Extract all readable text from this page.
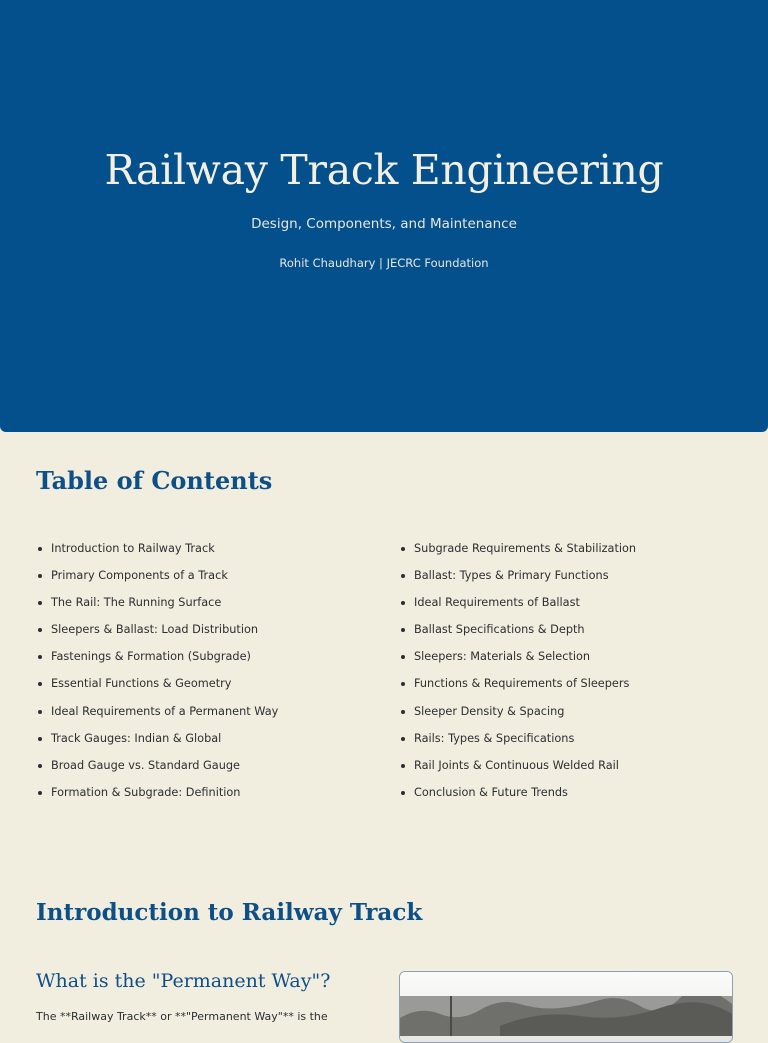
Railway Track Engineering
Design, Components, and Maintenance
Rohit Chaudhary | JECRC Foundation
Table of Contents
Introduction to Railway Track
Primary Components of a Track
The Rail: The Running Surface
Sleepers & Ballast: Load Distribution
Fastenings & Formation (Subgrade)
Essential Functions & Geometry
Ideal Requirements of a Permanent Way
Track Gauges: Indian & Global
Broad Gauge vs. Standard Gauge
Formation & Subgrade: Definition
Subgrade Requirements & Stabilization
Ballast: Types & Primary Functions
Ideal Requirements of Ballast
Ballast Specifications & Depth
Sleepers: Materials & Selection
Functions & Requirements of Sleepers
Sleeper Density & Spacing
Rails: Types & Specifications
Rail Joints & Continuous Welded Rail
Conclusion & Future Trends
Introduction to Railway Track
What is the "Permanent Way"?
The **Railway Track** or **"Permanent Way"** is the
